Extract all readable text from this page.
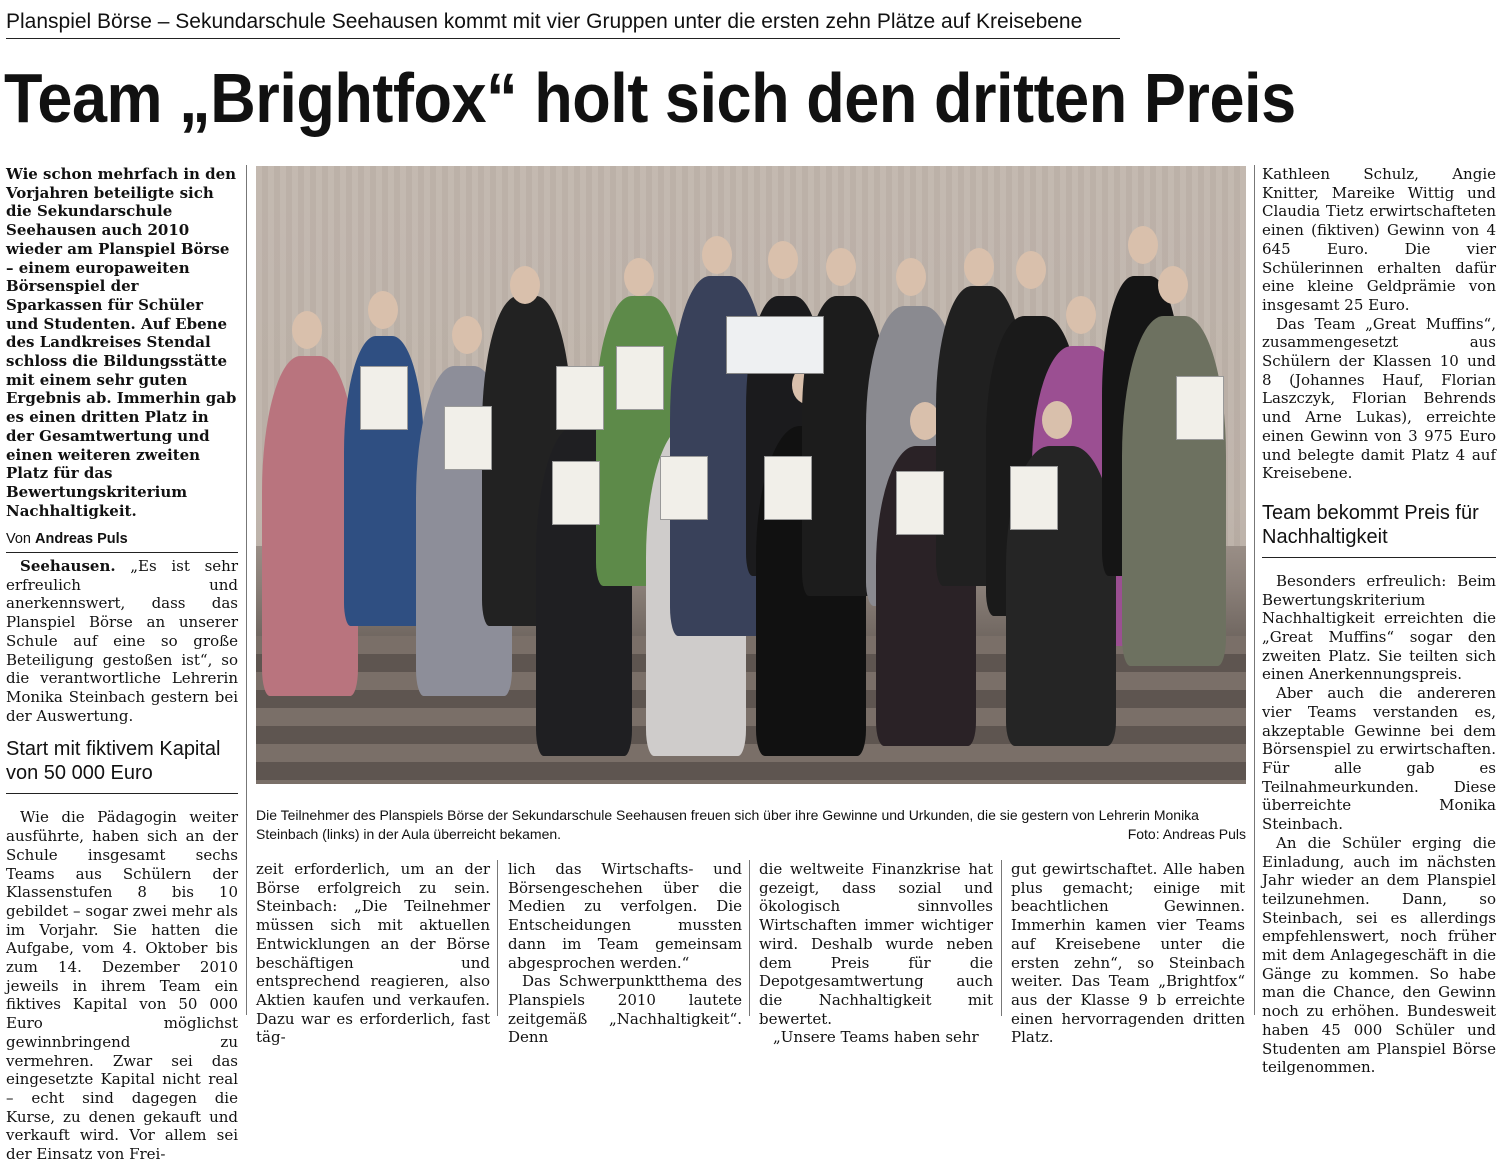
Planspiel Börse – Sekundarschule Seehausen kommt mit vier Gruppen unter die ersten zehn Plätze auf Kreisebene
Team „Brightfox“ holt sich den dritten Preis

Wie schon mehrfach in den Vorjahren beteiligte sich die Sekundarschule Seehausen auch 2010 wieder am Planspiel Börse – einem europaweiten Börsenspiel der Sparkassen für Schüler und Studenten. Auf Ebene des Landkreises Stendal schloss die Bildungsstätte mit einem sehr guten Ergebnis ab. Immerhin gab es einen dritten Platz in der Gesamtwertung und einen weiteren zweiten Platz für das Bewertungskriterium Nachhaltigkeit.

Von Andreas Puls

Seehausen. „Es ist sehr erfreulich und anerkennswert, dass das Planspiel Börse an unserer Schule auf eine so große Beteiligung gestoßen ist“, so die verantwortliche Lehrerin Monika Steinbach gestern bei der Auswertung.

Start mit fiktivem Kapital von 50 000 Euro

Wie die Pädagogin weiter ausführte, haben sich an der Schule insgesamt sechs Teams aus Schülern der Klassenstufen 8 bis 10 gebildet – sogar zwei mehr als im Vorjahr. Sie hatten die Aufgabe, vom 4. Oktober bis zum 14. Dezember 2010 jeweils in ihrem Team ein fiktives Kapital von 50 000 Euro möglichst gewinnbringend zu vermehren. Zwar sei das eingesetzte Kapital nicht real – echt sind dagegen die Kurse, zu denen gekauft und verkauft wird. Vor allem sei der Einsatz von Frei-

Die Teilnehmer des Planspiels Börse der Sekundarschule Seehausen freuen sich über ihre Gewinne und Urkunden, die sie gestern von Lehrerin Monika Steinbach (links) in der Aula überreicht bekamen.	Foto: Andreas Puls

zeit erforderlich, um an der Börse erfolgreich zu sein. Steinbach: „Die Teilnehmer müssen sich mit aktuellen Entwicklungen an der Börse beschäftigen und entsprechend reagieren, also Aktien kaufen und verkaufen. Dazu war es erforderlich, fast täg-

lich das Wirtschafts- und Börsengeschehen über die Medien zu verfolgen. Die Entscheidungen mussten dann im Team gemeinsam abgesprochen werden.“

Das Schwerpunktthema des Planspiels 2010 lautete zeitgemäß „Nachhaltigkeit“. Denn

die weltweite Finanzkrise hat gezeigt, dass sozial und ökologisch sinnvolles Wirtschaften immer wichtiger wird. Deshalb wurde neben dem Preis für die Depotgesamtwertung auch die Nachhaltigkeit mit bewertet.

„Unsere Teams haben sehr

gut gewirtschaftet. Alle haben plus gemacht; einige mit beachtlichen Gewinnen. Immerhin kamen vier Teams auf Kreisebene unter die ersten zehn“, so Steinbach weiter. Das Team „Brightfox“ aus der Klasse 9 b erreichte einen hervorragenden dritten Platz.

Kathleen Schulz, Angie Knitter, Mareike Wittig und Claudia Tietz erwirtschafteten einen (fiktiven) Gewinn von 4 645 Euro. Die vier Schülerinnen erhalten dafür eine kleine Geldprämie von insgesamt 25 Euro.

Das Team „Great Muffins“, zusammengesetzt aus Schülern der Klassen 10 und 8 (Johannes Hauf, Florian Laszczyk, Florian Behrends und Arne Lukas), erreichte einen Gewinn von 3 975 Euro und belegte damit Platz 4 auf Kreisebene.

Team bekommt Preis für Nachhaltigkeit

Besonders erfreulich: Beim Bewertungskriterium Nachhaltigkeit erreichten die „Great Muffins“ sogar den zweiten Platz. Sie teilten sich einen Anerkennungspreis.

Aber auch die andereren vier Teams verstanden es, akzeptable Gewinne bei dem Börsenspiel zu erwirtschaften. Für alle gab es Teilnahmeurkunden. Diese überreichte Monika Steinbach.

An die Schüler erging die Einladung, auch im nächsten Jahr wieder an dem Planspiel teilzunehmen. Dann, so Steinbach, sei es allerdings empfehlenswert, noch früher mit dem Anlagegeschäft in die Gänge zu kommen. So habe man die Chance, den Gewinn noch zu erhöhen. Bundesweit haben 45 000 Schüler und Studenten am Planspiel Börse teilgenommen.
